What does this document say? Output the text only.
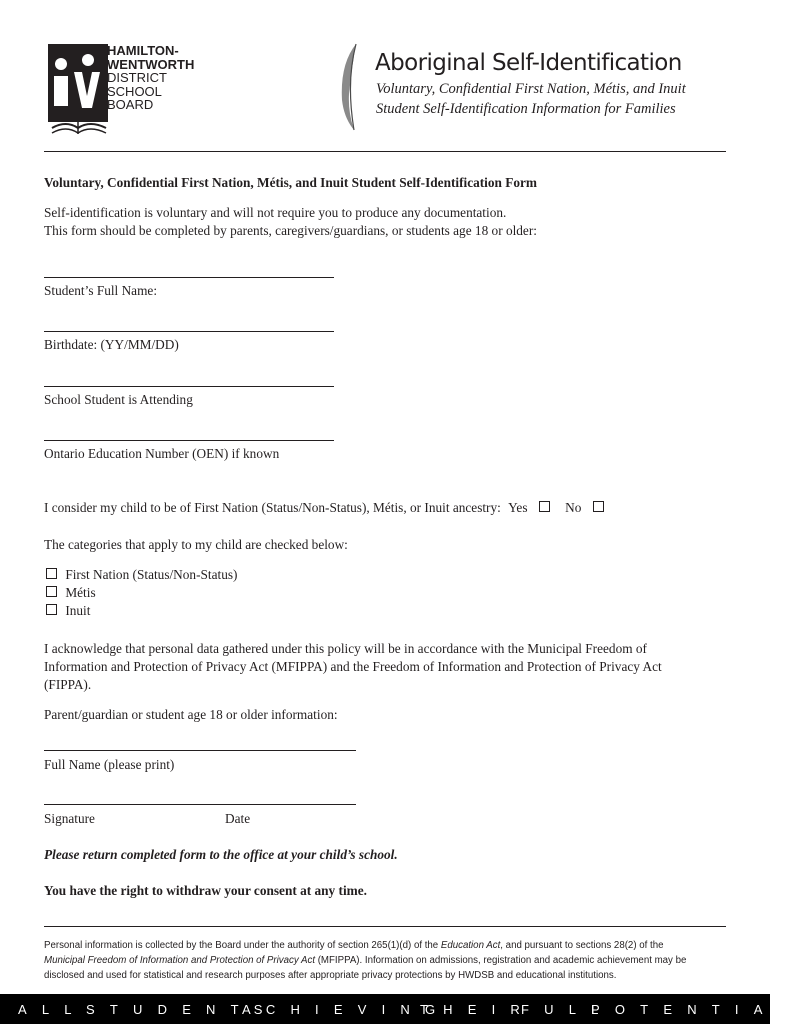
HAMILTON-
WENTWORTH
DISTRICT
SCHOOL
BOARD
Aboriginal Self-Identification
Voluntary, Confidential First Nation, Métis, and Inuit
Student Self-Identification Information for Families
Voluntary, Confidential First Nation, Métis, and Inuit Student Self-Identification Form
Self-identification is voluntary and will not require you to produce any documentation.
This form should be completed by parents, caregivers/guardians, or students age 18 or older:
Student’s Full Name:
Birthdate: (YY/MM/DD)
School Student is Attending
Ontario Education Number (OEN) if known
I consider my child to be of First Nation (Status/Non-Status), Métis, or Inuit ancestry: Yes	No
The categories that apply to my child are checked below:
First Nation (Status/Non-Status)
Métis
Inuit
I acknowledge that personal data gathered under this policy will be in accordance with the Municipal Freedom of
Information and Protection of Privacy Act (MFIPPA) and the Freedom of Information and Protection of Privacy Act
(FIPPA).
Parent/guardian or student age 18 or older information:
Full Name (please print)
Signature	Date
Please return completed form to the office at your child’s school.
You have the right to withdraw your consent at any time.
Personal information is collected by the Board under the authority of section 265(1)(d) of the Education Act, and pursuant to sections 28(2) of the
Municipal Freedom of Information and Protection of Privacy Act (MFIPPA). Information on admissions, registration and academic achievement may be
disclosed and used for statistical and research purposes after appropriate privacy protections by HWDSB and educational institutions.
ALL STUDENTS
ACHIEVING
THEIR
FULL
POTENTIAL
